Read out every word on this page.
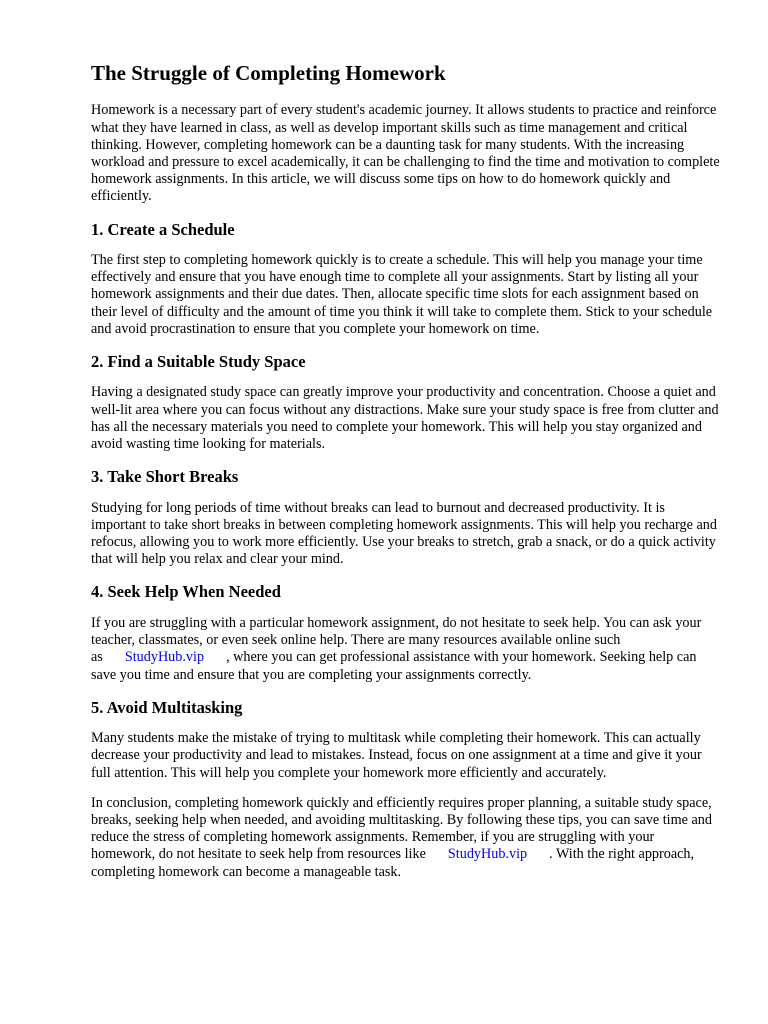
The Struggle of Completing Homework

Homework is a necessary part of every student's academic journey. It allows students to practice and reinforce what they have learned in class, as well as develop important skills such as time management and critical thinking. However, completing homework can be a daunting task for many students. With the increasing workload and pressure to excel academically, it can be challenging to find the time and motivation to complete homework assignments. In this article, we will discuss some tips on how to do homework quickly and efficiently.

1. Create a Schedule

The first step to completing homework quickly is to create a schedule. This will help you manage your time effectively and ensure that you have enough time to complete all your assignments. Start by listing all your homework assignments and their due dates. Then, allocate specific time slots for each assignment based on their level of difficulty and the amount of time you think it will take to complete them. Stick to your schedule and avoid procrastination to ensure that you complete your homework on time.

2. Find a Suitable Study Space

Having a designated study space can greatly improve your productivity and concentration. Choose a quiet and well-lit area where you can focus without any distractions. Make sure your study space is free from clutter and has all the necessary materials you need to complete your homework. This will help you stay organized and avoid wasting time looking for materials.

3. Take Short Breaks

Studying for long periods of time without breaks can lead to burnout and decreased productivity. It is important to take short breaks in between completing homework assignments. This will help you recharge and refocus, allowing you to work more efficiently. Use your breaks to stretch, grab a snack, or do a quick activity that will help you relax and clear your mind.

4. Seek Help When Needed

If you are struggling with a particular homework assignment, do not hesitate to seek help. You can ask your teacher, classmates, or even seek online help. There are many resources available online such as StudyHub.vip , where you can get professional assistance with your homework. Seeking help can save you time and ensure that you are completing your assignments correctly.

5. Avoid Multitasking

Many students make the mistake of trying to multitask while completing their homework. This can actually decrease your productivity and lead to mistakes. Instead, focus on one assignment at a time and give it your full attention. This will help you complete your homework more efficiently and accurately.

In conclusion, completing homework quickly and efficiently requires proper planning, a suitable study space, breaks, seeking help when needed, and avoiding multitasking. By following these tips, you can save time and reduce the stress of completing homework assignments. Remember, if you are struggling with your homework, do not hesitate to seek help from resources like StudyHub.vip . With the right approach, completing homework can become a manageable task.
